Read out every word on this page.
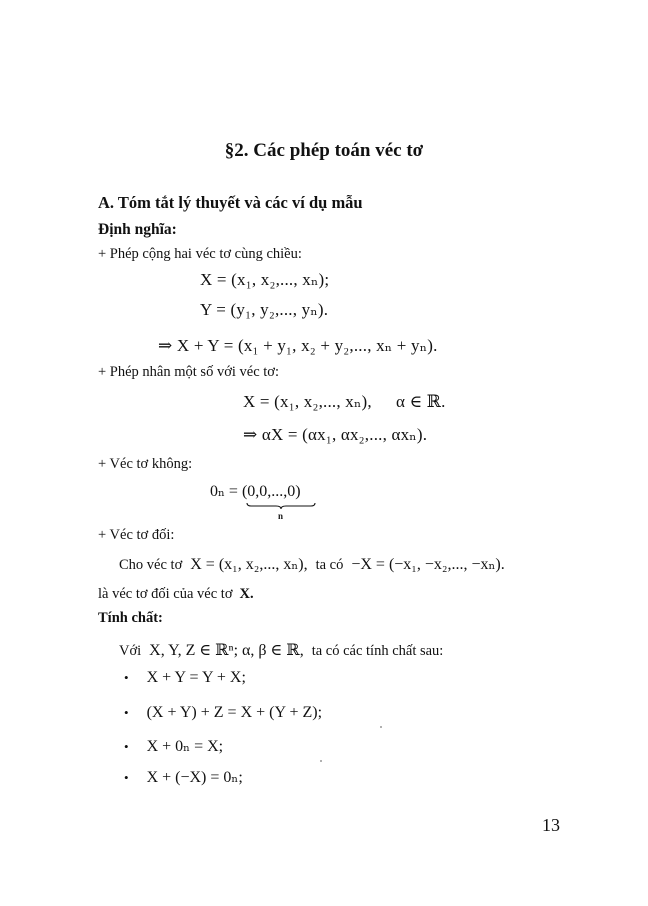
§2. Các phép toán véc tơ
A. Tóm tắt lý thuyết và các ví dụ mẫu
Định nghĩa:
+ Phép cộng hai véc tơ cùng chiều:
X = (x₁, x₂,..., xₙ);
Y = (y₁, y₂,..., yₙ).
⇒ X + Y = (x₁ + y₁, x₂ + y₂,..., xₙ + yₙ).
+ Phép nhân một số với véc tơ:
X = (x₁, x₂,..., xₙ), α ∈ ℝ.
⇒ αX = (αx₁, αx₂,..., αxₙ).
+ Véc tơ không:
0ₙ = (0,0,...,0)
n
+ Véc tơ đối:
Cho véc tơ X = (x₁, x₂,..., xₙ), ta có −X = (−x₁, −x₂,..., −xₙ).
là véc tơ đối của véc tơ X.
Tính chất:
Với X, Y, Z ∈ ℝⁿ; α, β ∈ ℝ, ta có các tính chất sau:
• X + Y = Y + X;
• (X + Y) + Z = X + (Y + Z);
• X + 0ₙ = X;
• X + (−X) = 0ₙ;
13
